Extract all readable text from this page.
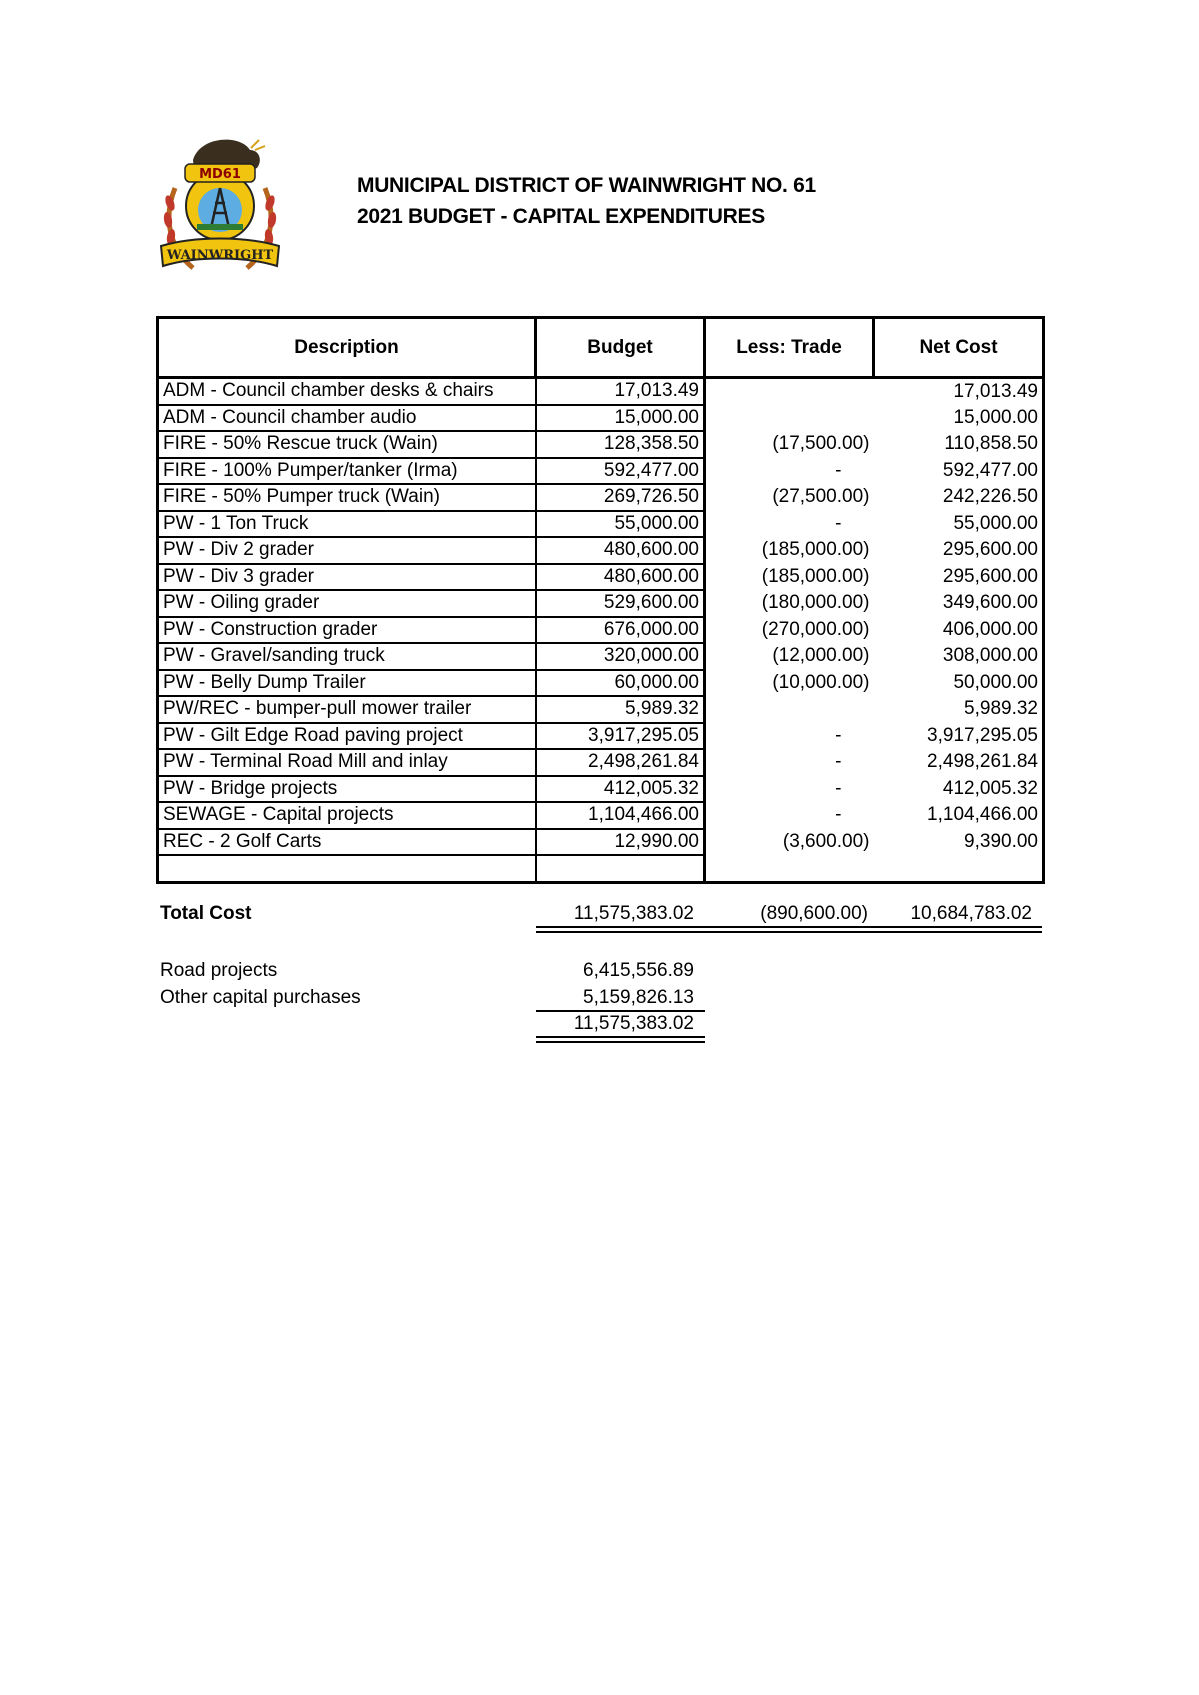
MD61
WAINWRIGHT
MUNICIPAL DISTRICT OF WAINWRIGHT NO. 61
2021 BUDGET - CAPITAL EXPENDITURES
Description	Budget	Less: Trade	Net Cost
ADM - Council chamber desks & chairs	17,013.49		17,013.49
ADM - Council chamber audio	15,000.00		15,000.00
FIRE - 50% Rescue truck (Wain)	128,358.50	(17,500.00)	110,858.50
FIRE - 100% Pumper/tanker (Irma)	592,477.00	-	592,477.00
FIRE - 50% Pumper truck (Wain)	269,726.50	(27,500.00)	242,226.50
PW - 1 Ton Truck	55,000.00	-	55,000.00
PW - Div 2 grader	480,600.00	(185,000.00)	295,600.00
PW - Div 3 grader	480,600.00	(185,000.00)	295,600.00
PW - Oiling grader	529,600.00	(180,000.00)	349,600.00
PW - Construction grader	676,000.00	(270,000.00)	406,000.00
PW - Gravel/sanding truck	320,000.00	(12,000.00)	308,000.00
PW - Belly Dump Trailer	60,000.00	(10,000.00)	50,000.00
PW/REC - bumper-pull mower trailer	5,989.32		5,989.32
PW - Gilt Edge Road paving project	3,917,295.05	-	3,917,295.05
PW - Terminal Road Mill and inlay	2,498,261.84	-	2,498,261.84
PW - Bridge projects	412,005.32	-	412,005.32
SEWAGE - Capital projects	1,104,466.00	-	1,104,466.00
REC - 2 Golf Carts	12,990.00	(3,600.00)	9,390.00

Total Cost	11,575,383.02	(890,600.00)	10,684,783.02
Road projects	6,415,556.89
Other capital purchases	5,159,826.13
11,575,383.02
